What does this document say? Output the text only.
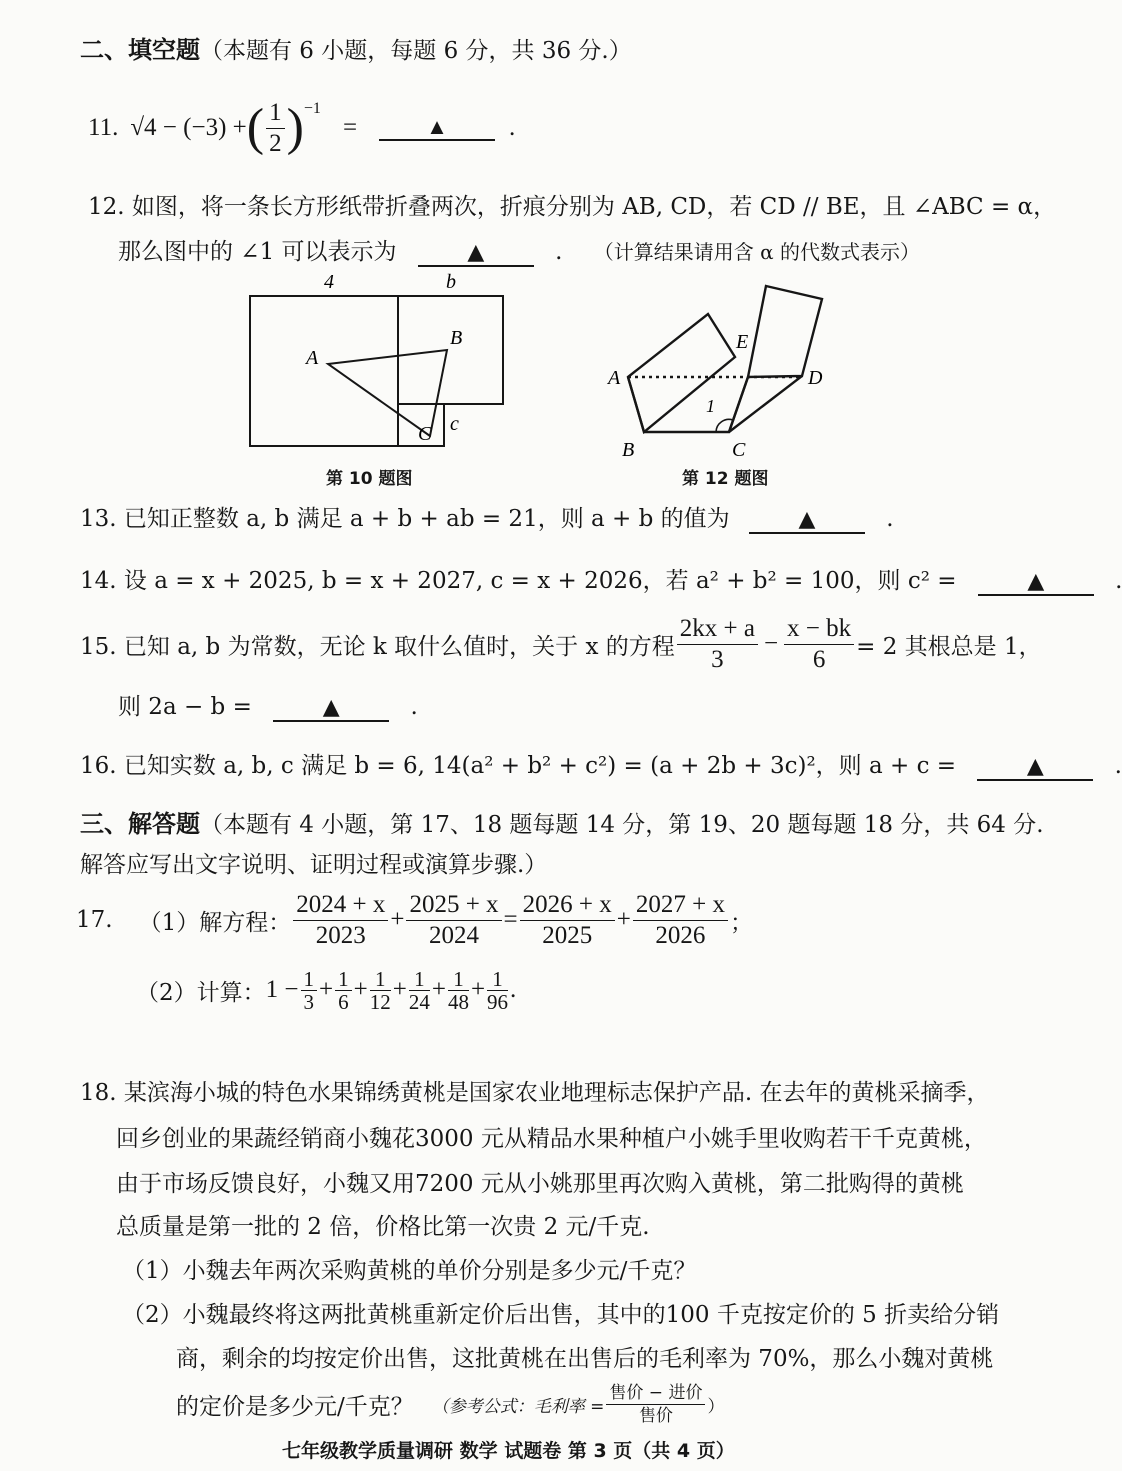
二、填空题（本题有 6 小题，每题 6 分，共 36 分.）
11. √4 − (−3) + ( $\frac{1}{2} )^{-1}$
=	▲	.
12. 如图，将一条长方形纸带折叠两次，折痕分别为 AB, CD，若 CD // BE，且 ∠ABC = α，
那么图中的 ∠1 可以表示为	▲	. （计算结果请用含 α 的代数式表示）
4	b
A
B
C c
第 10 题图
A
B	C
D
E
1
第 12 题图
13. 已知正整数 a, b 满足 a + b + ab = 21，则 a + b 的值为	▲	.
14. 设 a = x + 2025, b = x + 2027, c = x + 2026，若 a² + b² = 100，则 c² =	▲	.
15. 已知 a, b 为常数，无论 k 取什么值时，关于 x 的方程 $\frac{2kx + a}{3} - \frac{x - bk}{6} = 2$ 其根总是 1，
则 2a − b =	▲	.
16. 已知实数 a, b, c 满足 b = 6, 14(a² + b² + c²) = (a + 2b + 3c)²，则 a + c =	▲	.
三、解答题（本题有 4 小题，第 17、18 题每题 14 分，第 19、20 题每题 18 分，共 64 分.
解答应写出文字说明、证明过程或演算步骤.）
17. （1）解方程： $\frac{2024 + x}{2023} + \frac{2025 + x}{2024} = \frac{2026 + x}{2025} + \frac{2027 + x}{2026}$ ；
（2）计算： $1 - \frac{1}{3} + \frac{1}{6} + \frac{1}{12} + \frac{1}{24} + \frac{1}{48} + \frac{1}{96}$ .
18. 某滨海小城的特色水果锦绣黄桃是国家农业地理标志保护产品. 在去年的黄桃采摘季，
回乡创业的果蔬经销商小魏花3000 元从精品水果种植户小姚手里收购若干千克黄桃，
由于市场反馈良好，小魏又用7200 元从小姚那里再次购入黄桃，第二批购得的黄桃
总质量是第一批的 2 倍，价格比第一次贵 2 元/千克.
（1）小魏去年两次采购黄桃的单价分别是多少元/千克？
（2）小魏最终将这两批黄桃重新定价后出售，其中的100 千克按定价的 5 折卖给分销
商，剩余的均按定价出售，这批黄桃在出售后的毛利率为 70%，那么小魏对黄桃
的定价是多少元/千克？ （参考公式：毛利率 = $\frac{\text{售价 − 进价}}{\text{售价}}$ ）
七年级教学质量调研 数学 试题卷 第 3 页（共 4 页）
